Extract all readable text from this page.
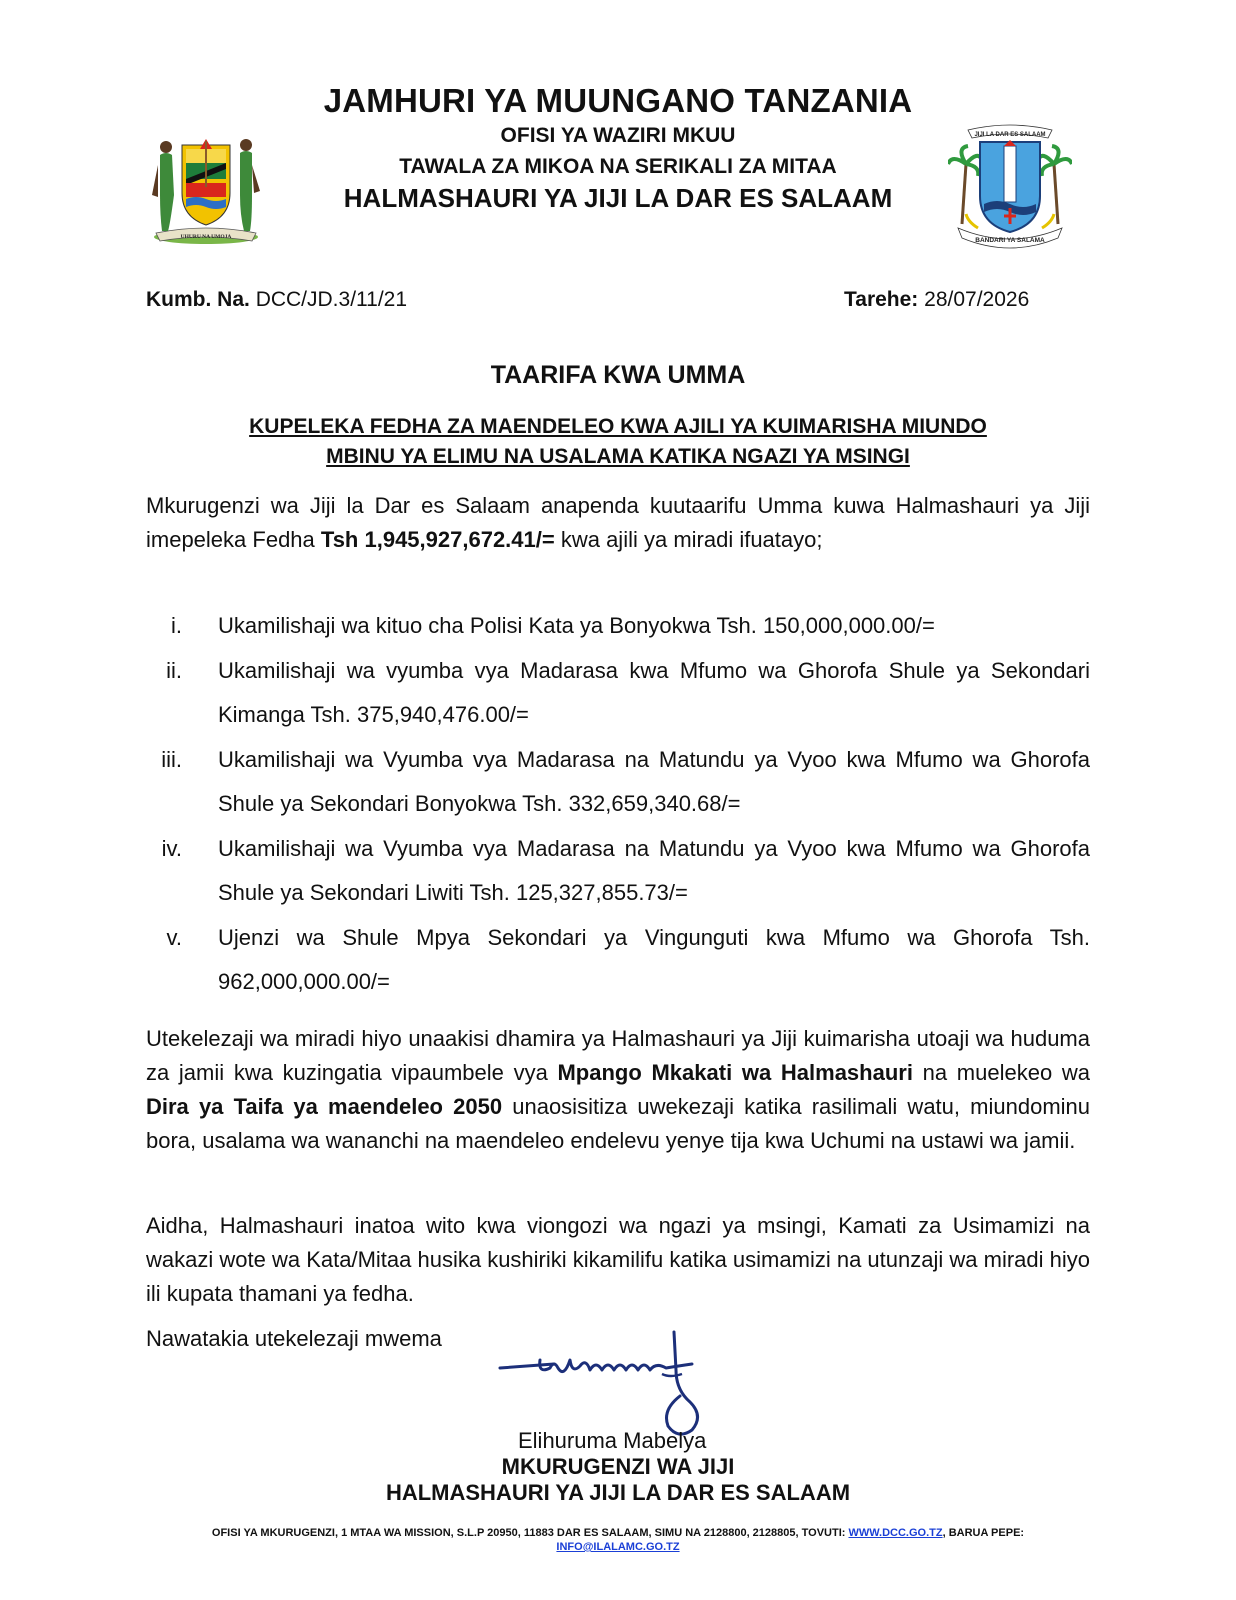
JAMHURI YA MUUNGANO TANZANIA
OFISI YA WAZIRI MKUU
TAWALA ZA MIKOA NA SERIKALI ZA MITAA
HALMASHAURI YA JIJI LA DAR ES SALAAM
UHURU NA UMOJA
JIJI LA DAR ES SALAAM
BANDARI YA SALAMA
Kumb. Na. DCC/JD.3/11/21	Tarehe: 28/07/2026
TAARIFA KWA UMMA
KUPELEKA FEDHA ZA MAENDELEO KWA AJILI YA KUIMARISHA MIUNDO
MBINU YA ELIMU NA USALAMA KATIKA NGAZI YA MSINGI
Mkurugenzi wa Jiji la Dar es Salaam anapenda kuutaarifu Umma kuwa Halmashauri ya Jiji imepeleka Fedha Tsh 1,945,927,672.41/= kwa ajili ya miradi ifuatayo;
i. Ukamilishaji wa kituo cha Polisi Kata ya Bonyokwa Tsh. 150,000,000.00/=
ii. Ukamilishaji wa vyumba vya Madarasa kwa Mfumo wa Ghorofa Shule ya Sekondari Kimanga Tsh. 375,940,476.00/=
iii. Ukamilishaji wa Vyumba vya Madarasa na Matundu ya Vyoo kwa Mfumo wa Ghorofa Shule ya Sekondari Bonyokwa Tsh. 332,659,340.68/=
iv. Ukamilishaji wa Vyumba vya Madarasa na Matundu ya Vyoo kwa Mfumo wa Ghorofa Shule ya Sekondari Liwiti Tsh. 125,327,855.73/=
v. Ujenzi wa Shule Mpya Sekondari ya Vingunguti kwa Mfumo wa Ghorofa Tsh. 962,000,000.00/=
Utekelezaji wa miradi hiyo unaakisi dhamira ya Halmashauri ya Jiji kuimarisha utoaji wa huduma za jamii kwa kuzingatia vipaumbele vya Mpango Mkakati wa Halmashauri na muelekeo wa Dira ya Taifa ya maendeleo 2050 unaosisitiza uwekezaji katika rasilimali watu, miundominu bora, usalama wa wananchi na maendeleo endelevu yenye tija kwa Uchumi na ustawi wa jamii.
Aidha, Halmashauri inatoa wito kwa viongozi wa ngazi ya msingi, Kamati za Usimamizi na wakazi wote wa Kata/Mitaa husika kushiriki kikamilifu katika usimamizi na utunzaji wa miradi hiyo ili kupata thamani ya fedha.
Nawatakia utekelezaji mwema
Elihuruma Mabelya
MKURUGENZI WA JIJI
HALMASHAURI YA JIJI LA DAR ES SALAAM
OFISI YA MKURUGENZI, 1 MTAA WA MISSION, S.L.P 20950, 11883 DAR ES SALAAM, SIMU NA 2128800, 2128805, TOVUTI: WWW.DCC.GO.TZ, BARUA PEPE:
INFO@ILALAMC.GO.TZ
